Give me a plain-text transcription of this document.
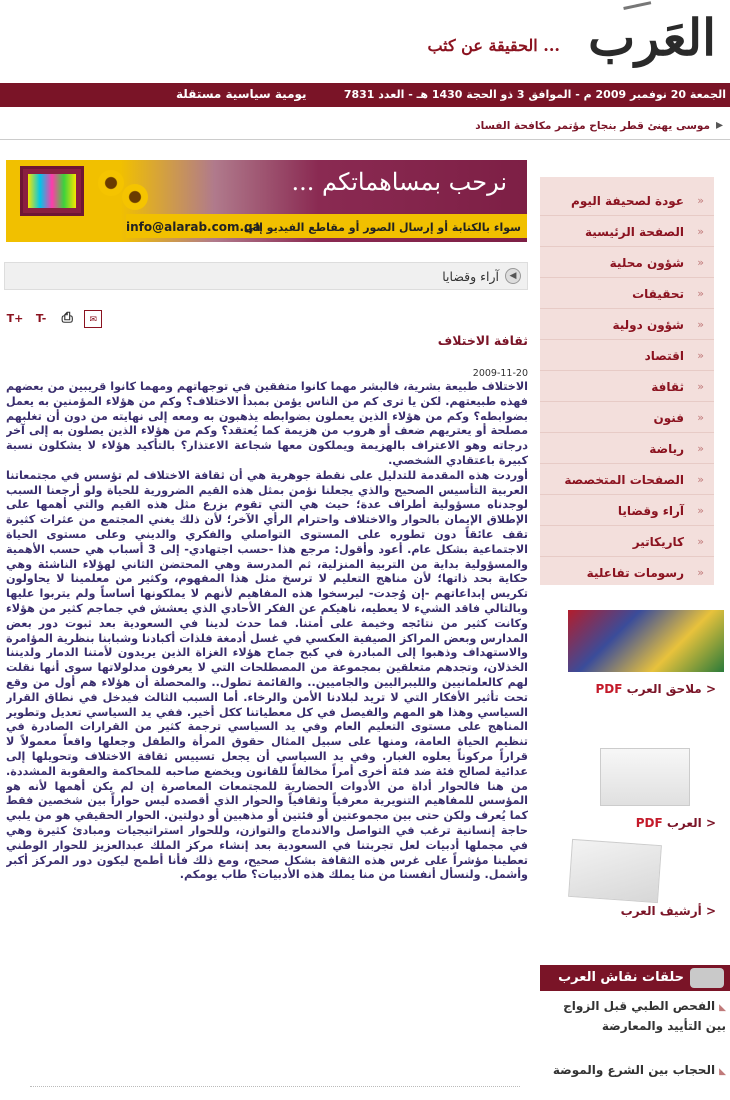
العَرب
... الحقيقة عن كثب
الجمعة 20 نوفمبر 2009 م - الموافق 3 ذو الحجة 1430 هـ - العدد 7831
يومية سياسية مستقلة
▸
موسى يهنئ قطر بنجاح مؤتمر مكافحة الفساد
نرحب بمساهماتكم ...
info@alarab.com.qa
سواء بالكتابة أو إرسال الصور أو مقاطع الفيديو إلى
◀
آراء وقضايا
T+ T- ⎙ ✉
ثقافة الاختلاف
2009-11-20

الاختلاف طبيعة بشرية، فالبشر مهما كانوا متفقين في توجهاتهم ومهما كانوا قريبين من بعضهم فهذه طبيعتهم. لكن يا ترى كم من الناس يؤمن بمبدأ الاختلاف؟ وكم من هؤلاء المؤمنين به يعمل بضوابطه؟ وكم من هؤلاء الذين يعملون بضوابطه يذهبون به ومعه إلى نهايته من دون أن تغلبهم مصلحة أو يعتريهم ضعف أو هروب من هزيمة كما يُعتقد؟ وكم من هؤلاء الذين يصلون به إلى آخر درجاته وهو الاعتراف بالهزيمة ويملكون معها شجاعة الاعتذار؟ بالتأكيد هؤلاء لا يشكلون نسبة كبيرة باعتقادي الشخصي.

أوردت هذه المقدمة للتدليل على نقطة جوهرية هي أن ثقافة الاختلاف لم تؤسس في مجتمعاتنا العربية التأسيس الصحيح والذي يجعلنا نؤمن بمثل هذه القيم الضرورية للحياة ولو أرجعنا السبب لوجدناه مسؤولية أطراف عدة؛ حيث هي التي تقوم بزرع مثل هذه القيم والتي أهمها على الإطلاق الإيمان بالحوار والاختلاف واحترام الرأي الآخر؛ لأن ذلك يغني المجتمع من عثرات كثيرة تقف عائقاً دون تطوره على المستوى التواصلي والفكري والديني وعلى مستوى الحياة الاجتماعية بشكل عام. أعود وأقول: مرجع هذا -حسب اجتهادي- إلى 3 أسباب هي حسب الأهمية والمسؤولية بداية من التربية المنزلية، ثم المدرسة وهي المحتضن الثاني لهؤلاء الناشئة وهي حكاية بحد ذاتها؛ لأن مناهج التعليم لا ترسخ مثل هذا المفهوم، وكثير من معلمينا لا يحاولون تكريس إبداعاتهم -إن وُجدت- ليرسخوا هذه المفاهيم لأنهم لا يملكونها أساساً ولم يتربوا عليها وبالتالي فاقد الشيء لا يعطيه، ناهيكم عن الفكر الأحادي الذي يعشش في جماجم كثير من هؤلاء وكانت كثير من نتائجه وخيمة على أمتنا. فما حدث لدينا في السعودية بعد ثبوت دور بعض المدارس وبعض المراكز الصيفية العكسي في غسل أدمغة فلذات أكبادنا وشبابنا بنظرية المؤامرة والاستهداف وذهبوا إلى المبادرة في كبح جماح هؤلاء الغزاة الذين يريدون لأمتنا الدمار ولديننا الخذلان، وتجدهم متعلقين بمجموعة من المصطلحات التي لا يعرفون مدلولاتها سوى أنها نقلت لهم كالعلمانيين والليبراليين والجاميين.. والقائمة تطول.. والمحصلة أن هؤلاء هم أول من وقع تحت تأثير الأفكار التي لا تريد لبلادنا الأمن والرخاء. أما السبب الثالث فيدخل في نطاق القرار السياسي وهذا هو المهم والفيصل في كل معطياتنا ككل أخير. ففي يد السياسي تعديل وتطوير المناهج على مستوى التعليم العام وفي يد السياسي ترجمة كثير من القرارات الصادرة في تنظيم الحياة العامة، ومنها على سبيل المثال حقوق المرأة والطفل وجعلها واقعاً معمولاً لا قراراً مركوناً يعلوه الغبار. وفي يد السياسي أن يجعل تسييس ثقافة الاختلاف وتحويلها إلى عدائية لصالح فئة ضد فئة أخرى أمراً مخالفاً للقانون ويخضع صاحبه للمحاكمة والعقوبة المشددة. من هنا فالحوار أداة من الأدوات الحضارية للمجتمعات المعاصرة إن لم يكن أهمها لأنه هو المؤسس للمفاهيم التنويرية معرفياً وثقافياً والحوار الذي أقصده ليس حواراً بين شخصين فقط كما يُعرف ولكن حتى بين مجموعتين أو فئتين أو مذهبين أو دولتين. الحوار الحقيقي هو من يلبي حاجة إنسانية ترغب في التواصل والاندماج والتوازن، وللحوار استراتيجيات ومبادئ كثيرة وهي في مجملها أدبيات لعل تجربتنا في السعودية بعد إنشاء مركز الملك عبدالعزيز للحوار الوطني تعطينا مؤشراً على غرس هذه الثقافة بشكل صحيح، ومع ذلك فأنا أطمح ليكون دور المركز أكبر وأشمل. ولنسأل أنفسنا من منا يملك هذه الأدبيات؟ طاب يومكم.

»
عودة لصحيفة اليوم
»
الصفحة الرئيسية
»
شؤون محلية
»
تحقيقات
»
شؤون دولية
»
اقتصاد
»
ثقافة
»
فنون
»
رياضة
»
الصفحات المتخصصة
»
آراء وقضايا
»
كاريكاتير
»
رسومات تفاعلية
< ملاحق العرب PDF
< العرب PDF
< أرشيف العرب
حلقات نقاش العرب
◣الفحص الطبي قبل الزواج بين التأييد والمعارضة
◣الحجاب بين الشرع والموضة
